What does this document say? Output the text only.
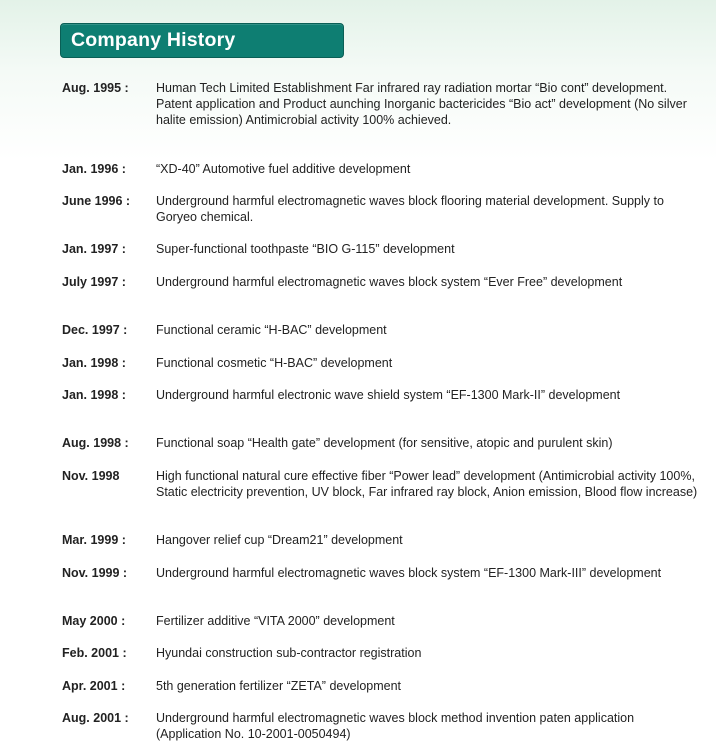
Company History
Aug. 1995 :	Human Tech Limited Establishment Far infrared ray radiation mortar “Bio cont” development. Patent application and Product aunching Inorganic bactericides “Bio act” development (No silver halite emission) Antimicrobial activity 100% achieved.
Jan. 1996 :	“XD-40” Automotive fuel additive development
June 1996 :	Underground harmful electromagnetic waves block flooring material development. Supply to Goryeo chemical.
Jan. 1997 :	Super-functional toothpaste “BIO G-115” development
July 1997 :	Underground harmful electromagnetic waves block system “Ever Free” development
Dec. 1997 :	Functional ceramic “H-BAC” development
Jan. 1998 :	Functional cosmetic “H-BAC” development
Jan. 1998 :	Underground harmful electronic wave shield system “EF-1300 Mark-II” development
Aug. 1998 :	Functional soap “Health gate” development (for sensitive, atopic and purulent skin)
Nov. 1998	High functional natural cure effective fiber “Power lead” development (Antimicrobial activity 100%, Static electricity prevention, UV block, Far infrared ray block, Anion emission, Blood flow increase)
Mar. 1999 :	Hangover relief cup “Dream21” development
Nov. 1999 :	Underground harmful electromagnetic waves block system “EF-1300 Mark-III” development
May 2000 :	Fertilizer additive “VITA 2000” development
Feb. 2001 :	Hyundai construction sub-contractor registration
Apr. 2001 :	5th generation fertilizer “ZETA” development
Aug. 2001 :	Underground harmful electromagnetic waves block method invention paten application (Application No. 10-2001-0050494)
